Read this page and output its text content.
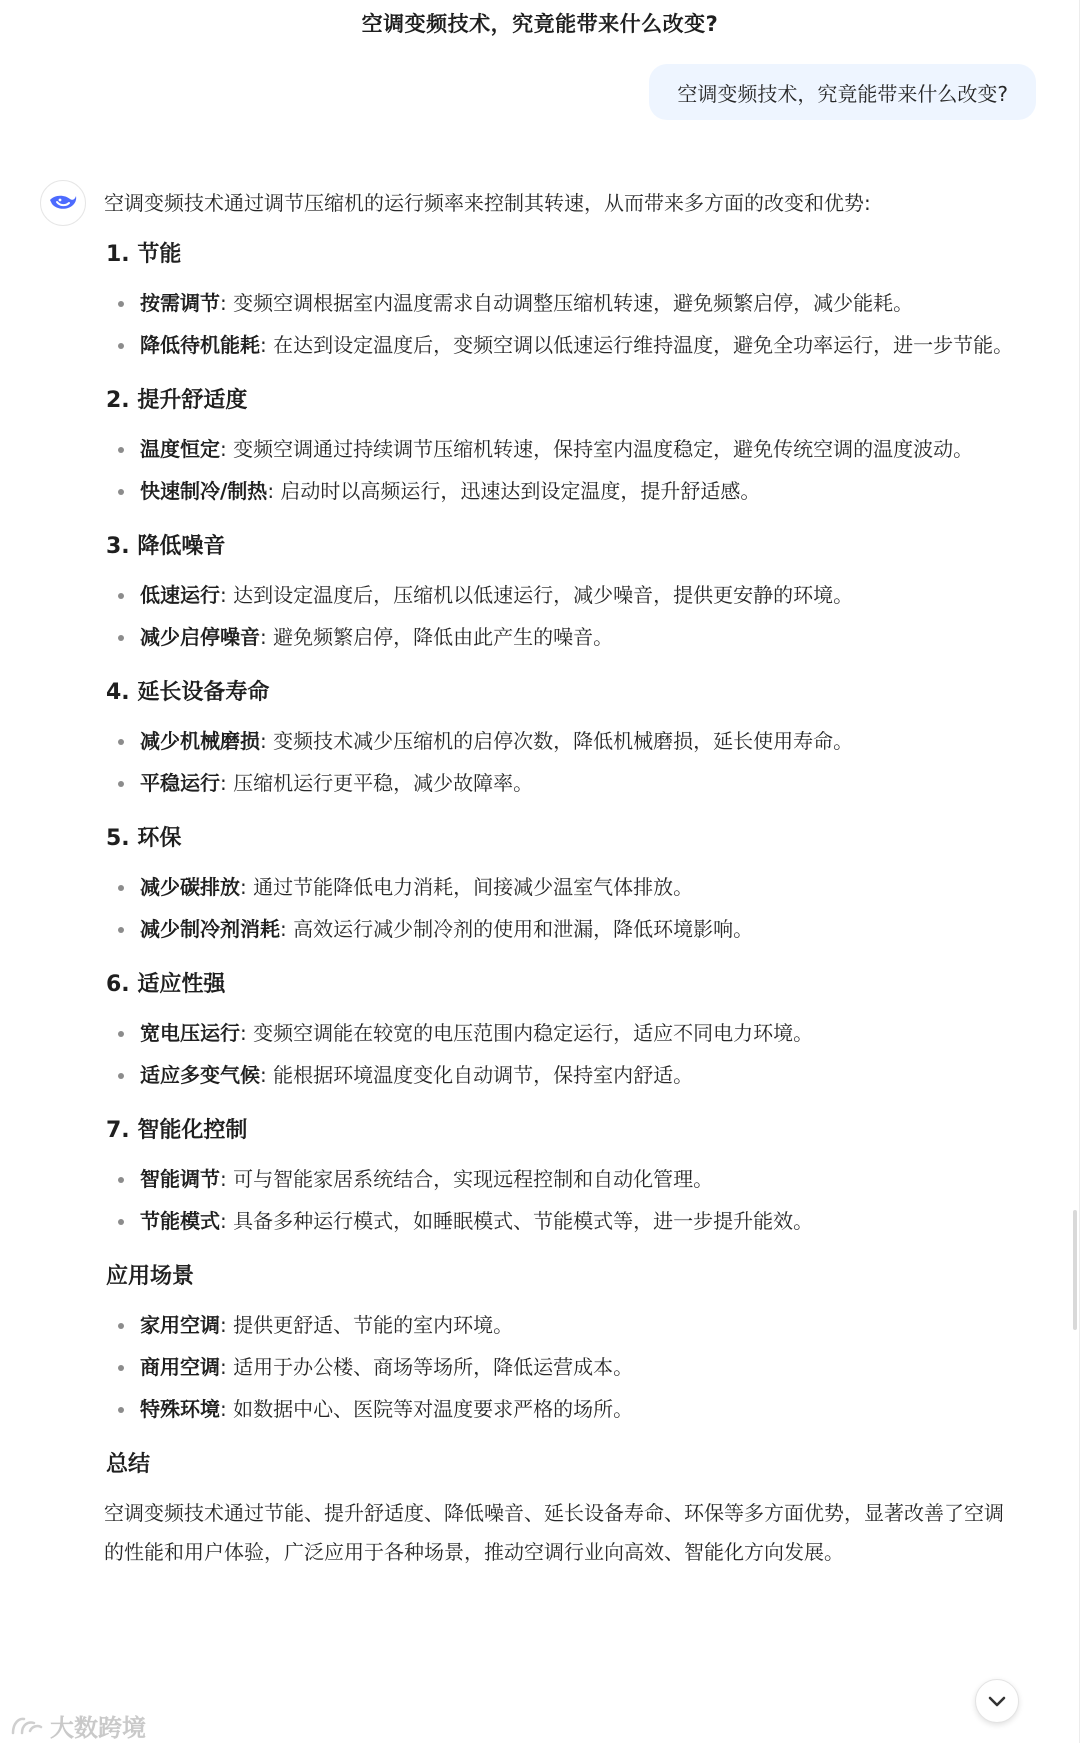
空调变频技术，究竟能带来什么改变?
空调变频技术，究竟能带来什么改变?

空调变频技术通过调节压缩机的运行频率来控制其转速，从而带来多方面的改变和优势:

1. 节能
按需调节: 变频空调根据室内温度需求自动调整压缩机转速，避免频繁启停，减少能耗。
降低待机能耗: 在达到设定温度后，变频空调以低速运行维持温度，避免全功率运行，进一步节能。
2. 提升舒适度
温度恒定: 变频空调通过持续调节压缩机转速，保持室内温度稳定，避免传统空调的温度波动。
快速制冷/制热: 启动时以高频运行，迅速达到设定温度，提升舒适感。
3. 降低噪音
低速运行: 达到设定温度后，压缩机以低速运行，减少噪音，提供更安静的环境。
减少启停噪音: 避免频繁启停，降低由此产生的噪音。
4. 延长设备寿命
减少机械磨损: 变频技术减少压缩机的启停次数，降低机械磨损，延长使用寿命。
平稳运行: 压缩机运行更平稳，减少故障率。
5. 环保
减少碳排放: 通过节能降低电力消耗，间接减少温室气体排放。
减少制冷剂消耗: 高效运行减少制冷剂的使用和泄漏，降低环境影响。
6. 适应性强
宽电压运行: 变频空调能在较宽的电压范围内稳定运行，适应不同电力环境。
适应多变气候: 能根据环境温度变化自动调节，保持室内舒适。
7. 智能化控制
智能调节: 可与智能家居系统结合，实现远程控制和自动化管理。
节能模式: 具备多种运行模式，如睡眠模式、节能模式等，进一步提升能效。
应用场景
家用空调: 提供更舒适、节能的室内环境。
商用空调: 适用于办公楼、商场等场所，降低运营成本。
特殊环境: 如数据中心、医院等对温度要求严格的场所。
总结

空调变频技术通过节能、提升舒适度、降低噪音、延长设备寿命、环保等多方面优势，显著改善了空调的性能和用户体验，广泛应用于各种场景，推动空调行业向高效、智能化方向发展。

大数跨境
